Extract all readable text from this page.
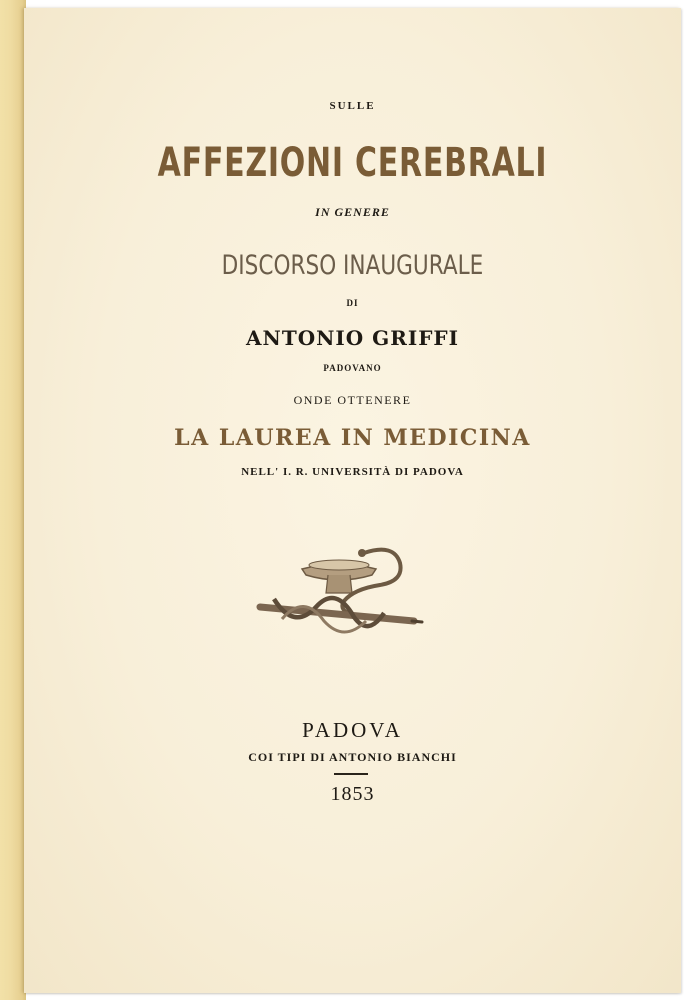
SULLE
AFFEZIONI CEREBRALI
IN GENERE
DISCORSO INAUGURALE
DI
ANTONIO GRIFFI
PADOVANO
ONDE OTTENERE
LA LAUREA IN MEDICINA
NELL' I. R. UNIVERSITÀ DI PADOVA
PADOVA
COI TIPI DI ANTONIO BIANCHI
1853
